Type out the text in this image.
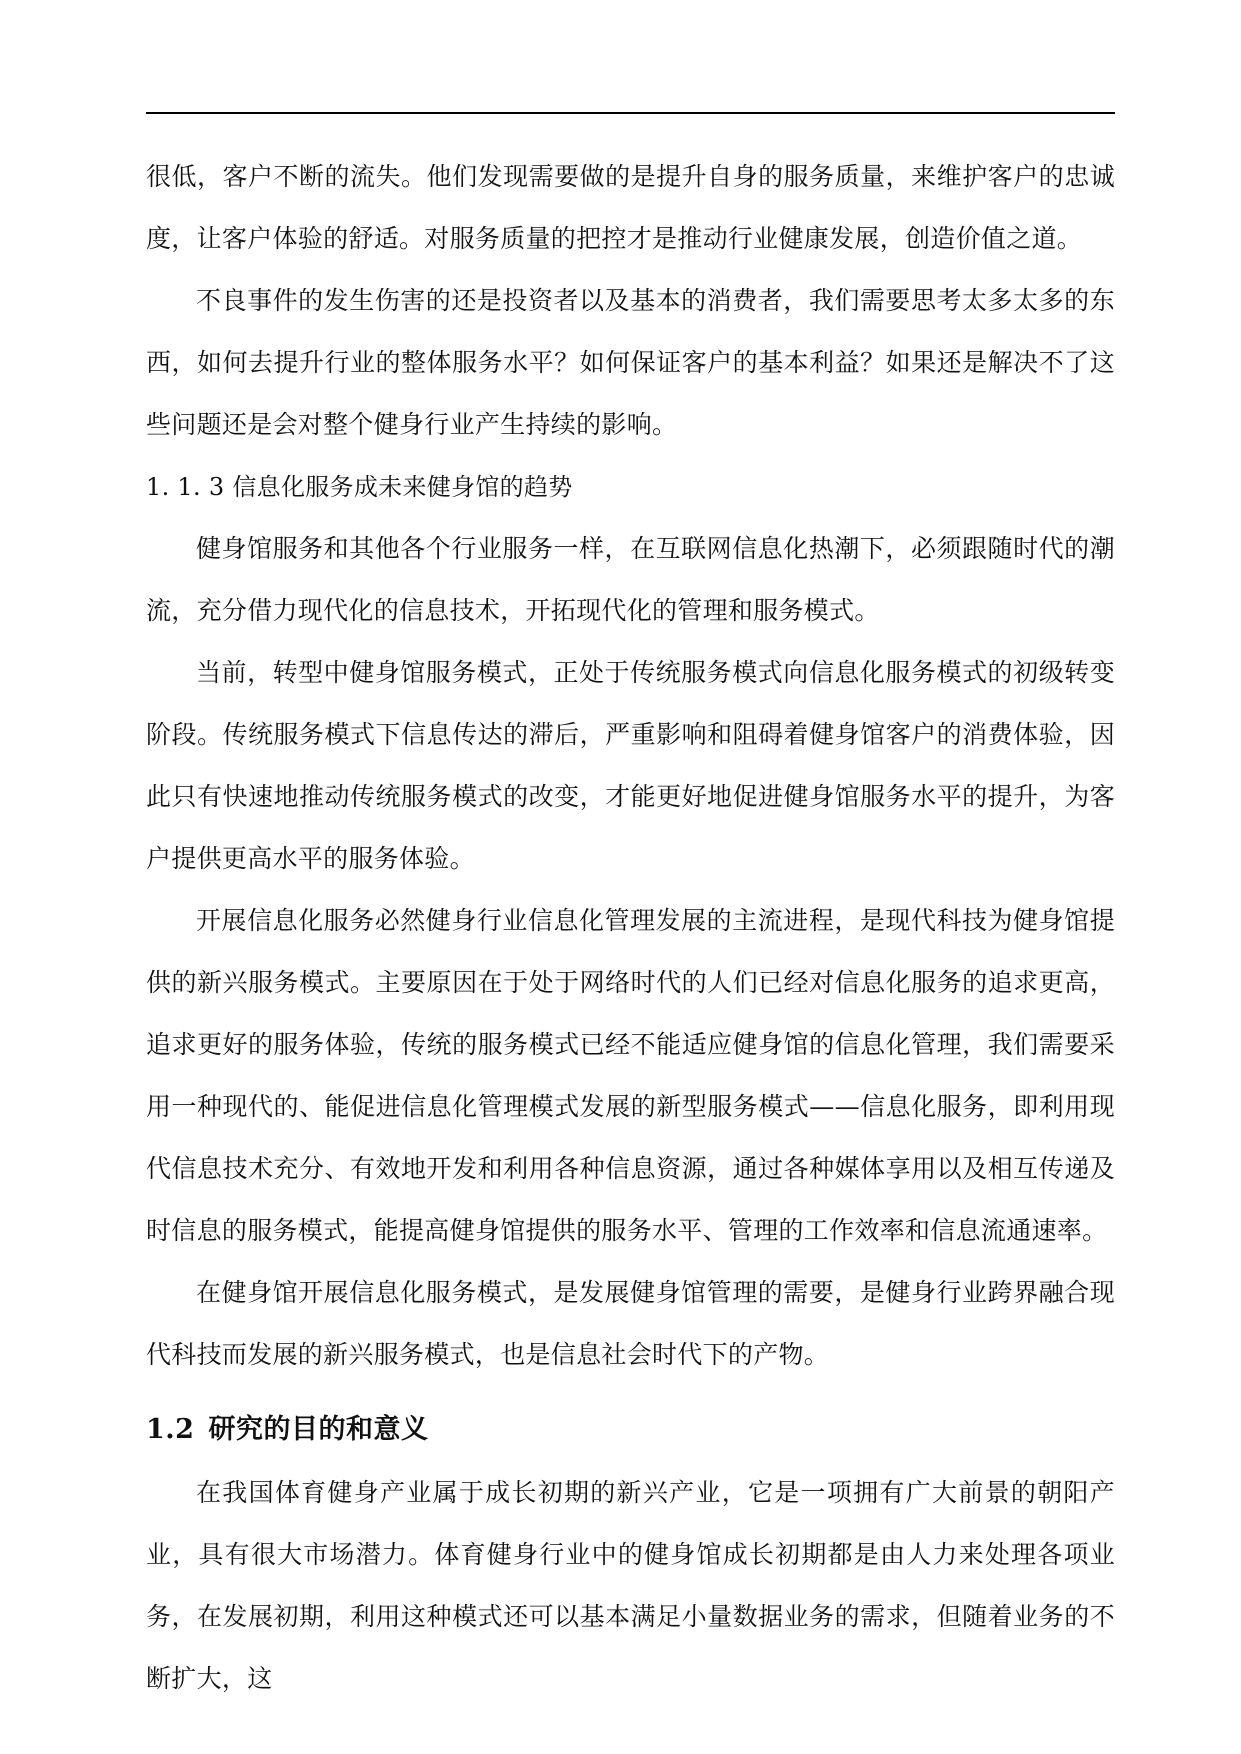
很低，客户不断的流失。他们发现需要做的是提升自身的服务质量，来维护客户的忠诚度，让客户体验的舒适。对服务质量的把控才是推动行业健康发展，创造价值之道。

不良事件的发生伤害的还是投资者以及基本的消费者，我们需要思考太多太多的东西，如何去提升行业的整体服务水平？如何保证客户的基本利益？如果还是解决不了这些问题还是会对整个健身行业产生持续的影响。

1. 1. 3 信息化服务成未来健身馆的趋势

健身馆服务和其他各个行业服务一样，在互联网信息化热潮下，必须跟随时代的潮流，充分借力现代化的信息技术，开拓现代化的管理和服务模式。

当前，转型中健身馆服务模式，正处于传统服务模式向信息化服务模式的初级转变阶段。传统服务模式下信息传达的滞后，严重影响和阻碍着健身馆客户的消费体验，因此只有快速地推动传统服务模式的改变，才能更好地促进健身馆服务水平的提升，为客户提供更高水平的服务体验。

开展信息化服务必然健身行业信息化管理发展的主流进程，是现代科技为健身馆提供的新兴服务模式。主要原因在于处于网络时代的人们已经对信息化服务的追求更高，追求更好的服务体验，传统的服务模式已经不能适应健身馆的信息化管理，我们需要采用一种现代的、能促进信息化管理模式发展的新型服务模式——信息化服务，即利用现代信息技术充分、有效地开发和利用各种信息资源，通过各种媒体享用以及相互传递及时信息的服务模式，能提高健身馆提供的服务水平、管理的工作效率和信息流通速率。

在健身馆开展信息化服务模式，是发展健身馆管理的需要，是健身行业跨界融合现代科技而发展的新兴服务模式，也是信息社会时代下的产物。

1.2 研究的目的和意义

在我国体育健身产业属于成长初期的新兴产业，它是一项拥有广大前景的朝阳产业，具有很大市场潜力。体育健身行业中的健身馆成长初期都是由人力来处理各项业务，在发展初期，利用这种模式还可以基本满足小量数据业务的需求，但随着业务的不断扩大，这
